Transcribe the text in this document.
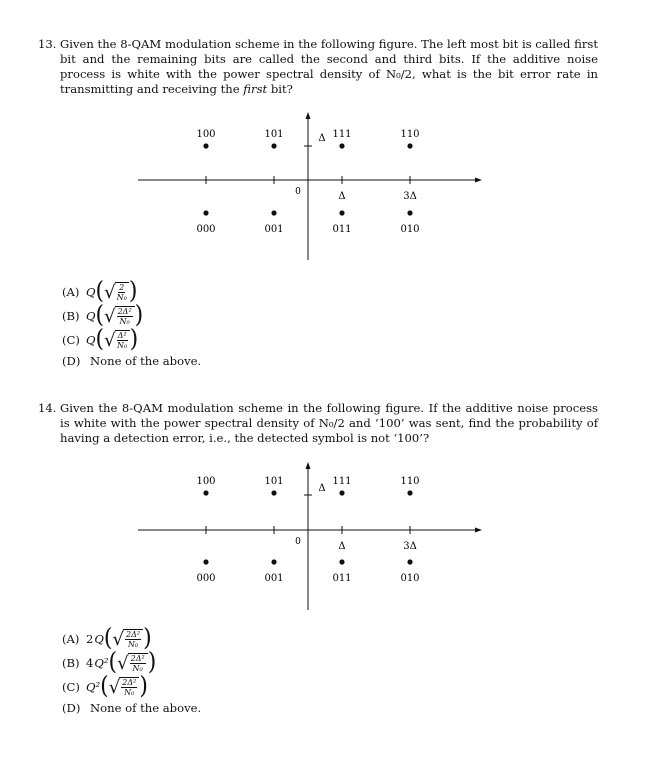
13. Given the 8-QAM modulation scheme in the following figure. The left most bit is called first bit and the remaining bits are called the second and third bits. If the additive noise process is white with the power spectral density of N₀/2, what is the bit error rate in transmitting and receiving the first bit?
0
Δ
Δ	3Δ
100	101	111	110
000	001	011	010
(A) Q ( √ $\frac{2}{\text{N₀}}$ )
(B) Q ( √ $\frac{\text{2Δ²}}{\text{N₀}}$ )
(C) Q ( √ $\frac{\text{Δ²}}{\text{N₀}}$ )
(D) None of the above.
14. Given the 8-QAM modulation scheme in the following figure. If the additive noise process is white with the power spectral density of N₀/2 and ‘100’ was sent, find the probability of having a detection error, i.e., the detected symbol is not ‘100’?
0
Δ
Δ	3Δ
100	101	111	110
000	001	011	010
(A) 2 Q ( √ $\frac{\text{2Δ²}}{\text{N₀}}$ )
(B) 4 Q² ( √ $\frac{\text{2Δ²}}{\text{N₀}}$ )
(C) Q² ( √ $\frac{\text{2Δ²}}{\text{N₀}}$ )
(D) None of the above.
